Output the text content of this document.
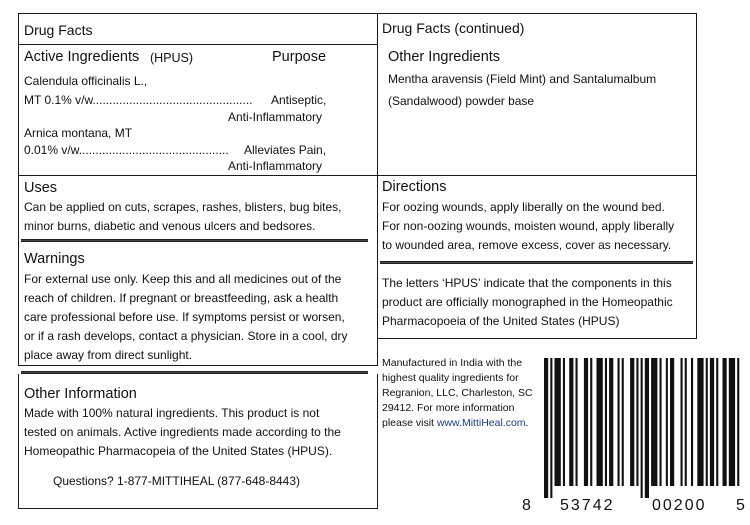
Drug Facts
Active Ingredients (HPUS)	Purpose
Calendula officinalis L.,
MT 0.1% v/w................................................	Antiseptic,
Anti-Inflammatory
Arnica montana, MT
0.01% v/w.............................................	Alleviates Pain,
Anti-Inflammatory
Uses
Can be applied on cuts, scrapes, rashes, blisters, bug bites,
minor burns, diabetic and venous ulcers and bedsores.
Warnings
For external use only. Keep this and all medicines out of the
reach of children. If pregnant or breastfeeding, ask a health
care professional before use. If symptoms persist or worsen,
or if a rash develops, contact a physician. Store in a cool, dry
place away from direct sunlight.
Other Information
Made with 100% natural ingredients. This product is not
tested on animals. Active ingredients made according to the
Homeopathic Pharmacopeia of the United States (HPUS).
Questions? 1-877-MITTIHEAL (877-648-8443)
Drug Facts (continued)
Other Ingredients
Mentha aravensis (Field Mint) and Santalumalbum
(Sandalwood) powder base
Directions
For oozing wounds, apply liberally on the wound bed.
For non-oozing wounds, moisten wound, apply liberally
to wounded area, remove excess, cover as necessary.
The letters ‘HPUS’ indicate that the components in this
product are officially monographed in the Homeopathic
Pharmacopoeia of the United States (HPUS)
Manufactured in India with the
highest quality ingredients for
Regranion, LLC, Charleston, SC
29412. For more information
please visit www.MittiHeal.com.
8 53742 00200 5
